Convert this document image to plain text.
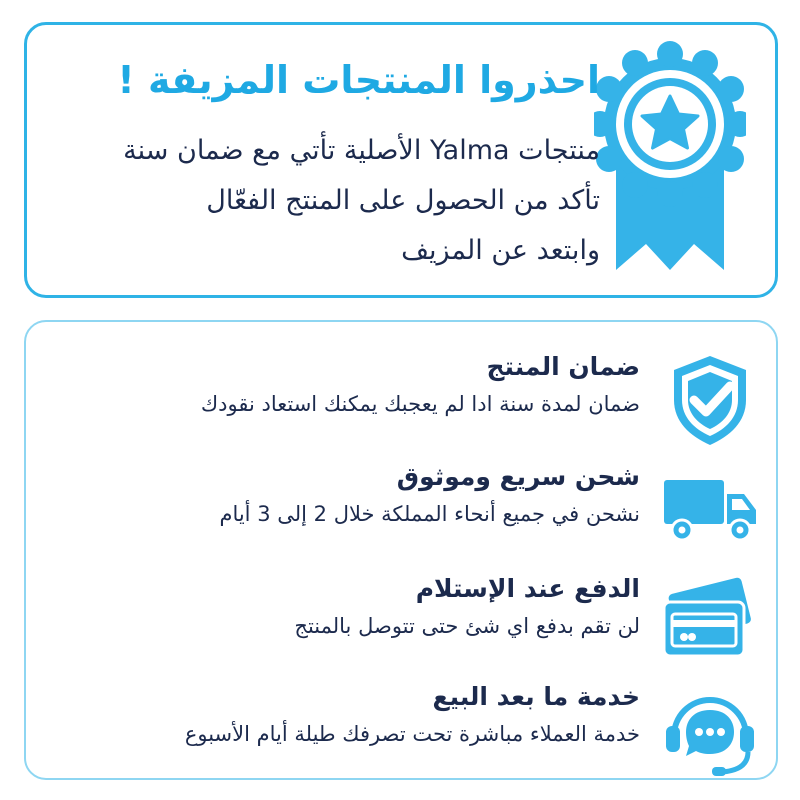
احذروا المنتجات المزيفة !
منتجات Yalma الأصلية تأتي مع ضمان سنة
تأكد من الحصول على المنتج الفعّال
وابتعد عن المزيف
ضمان المنتج
ضمان لمدة سنة ادا لم يعجبك يمكنك استعاد نقودك
شحن سريع وموثوق
نشحن في جميع أنحاء المملكة خلال 2 إلى 3 أيام
الدفع عند الإستلام
لن تقم بدفع اي شئ حتى تتوصل بالمنتج
خدمة ما بعد البيع
خدمة العملاء مباشرة تحت تصرفك طيلة أيام الأسبوع
